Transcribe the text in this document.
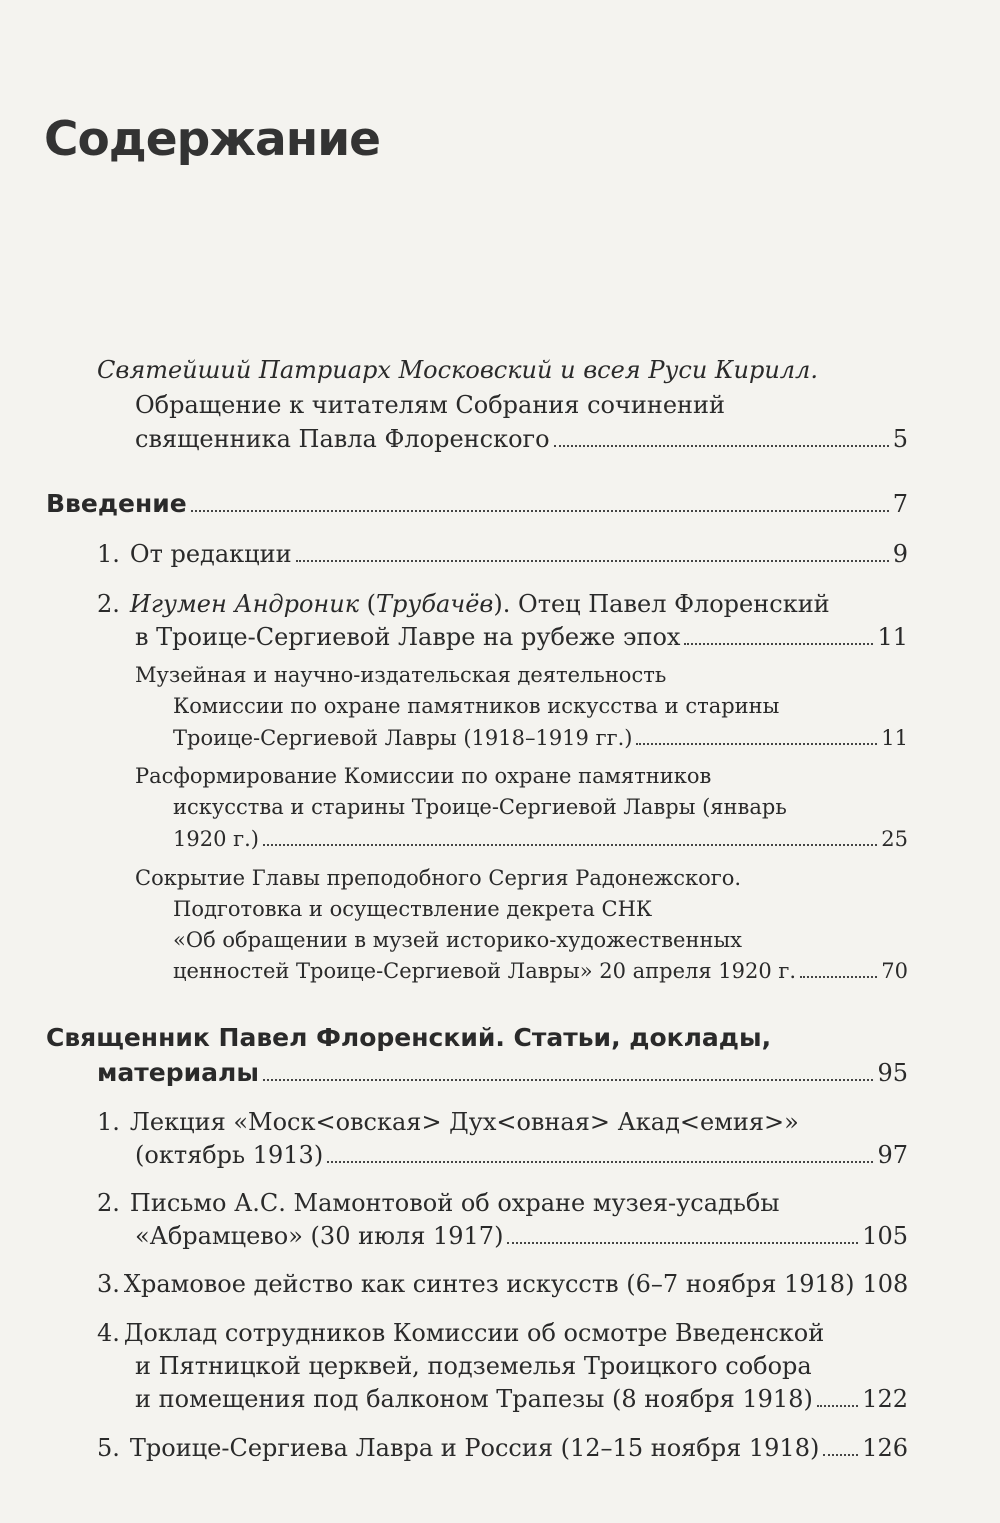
Содержание
Святейший Патриарх Московский и всея Руси Кирилл.
Обращение к читателям Собрания сочинений
священника Павла Флоренского	5
Введение	7
1. От редакции	9
2. Игумен Андроник (Трубачёв). Отец Павел Флоренский
в Троице-Сергиевой Лавре на рубеже эпох	11
Музейная и научно-издательская деятельность
Комиссии по охране памятников искусства и старины
Троице-Сергиевой Лавры (1918–1919 гг.)	11
Расформирование Комиссии по охране памятников
искусства и старины Троице-Сергиевой Лавры (январь
1920 г.)	25
Сокрытие Главы преподобного Сергия Радонежского.
Подготовка и осуществление декрета СНК
«Об обращении в музей историко-художественных
ценностей Троице-Сергиевой Лавры» 20 апреля 1920 г.	70
Священник Павел Флоренский. Статьи, доклады,
материалы	95
1. Лекция «Моск<овская> Дух<овная> Акад<емия>»
(октябрь 1913)	97
2. Письмо А.С. Мамонтовой об охране музея-усадьбы
«Абрамцево» (30 июля 1917)	105
3. Храмовое действо как синтез искусств (6–7 ноября 1918) 108
4. Доклад сотрудников Комиссии об осмотре Введенской
и Пятницкой церквей, подземелья Троицкого собора
и помещения под балконом Трапезы (8 ноября 1918) 122
5. Троице-Сергиева Лавра и Россия (12–15 ноября 1918) 126
